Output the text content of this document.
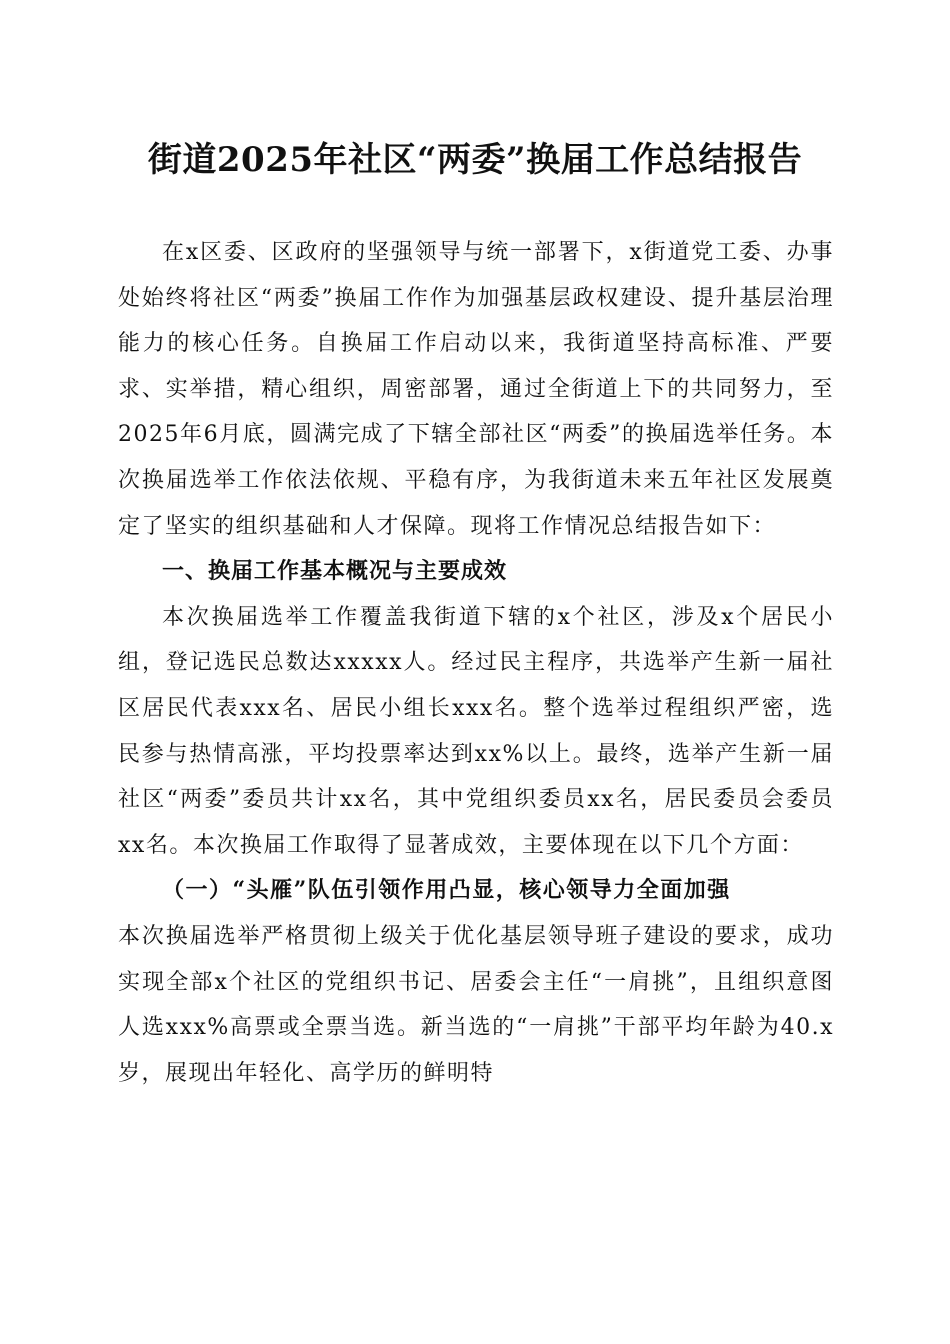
街道2025年社区“两委”换届工作总结报告

在x区委、区政府的坚强领导与统一部署下，x街道党工委、办事处始终将社区“两委”换届工作作为加强基层政权建设、提升基层治理能力的核心任务。自换届工作启动以来，我街道坚持高标准、严要求、实举措，精心组织，周密部署，通过全街道上下的共同努力，至2025年6月底，圆满完成了下辖全部社区“两委”的换届选举任务。本次换届选举工作依法依规、平稳有序，为我街道未来五年社区发展奠定了坚实的组织基础和人才保障。现将工作情况总结报告如下：

一、换届工作基本概况与主要成效

本次换届选举工作覆盖我街道下辖的x个社区，涉及x个居民小组，登记选民总数达xxxxx人。经过民主程序，共选举产生新一届社区居民代表xxx名、居民小组长xxx名。整个选举过程组织严密，选民参与热情高涨，平均投票率达到xx%以上。最终，选举产生新一届社区“两委”委员共计xx名，其中党组织委员xx名，居民委员会委员xx名。本次换届工作取得了显著成效，主要体现在以下几个方面：

（一）“头雁”队伍引领作用凸显，核心领导力全面加强

本次换届选举严格贯彻上级关于优化基层领导班子建设的要求，成功实现全部x个社区的党组织书记、居委会主任“一肩挑”，且组织意图人选xxx%高票或全票当选。新当选的“一肩挑”干部平均年龄为40.x岁，展现出年轻化、高学历的鲜明特
